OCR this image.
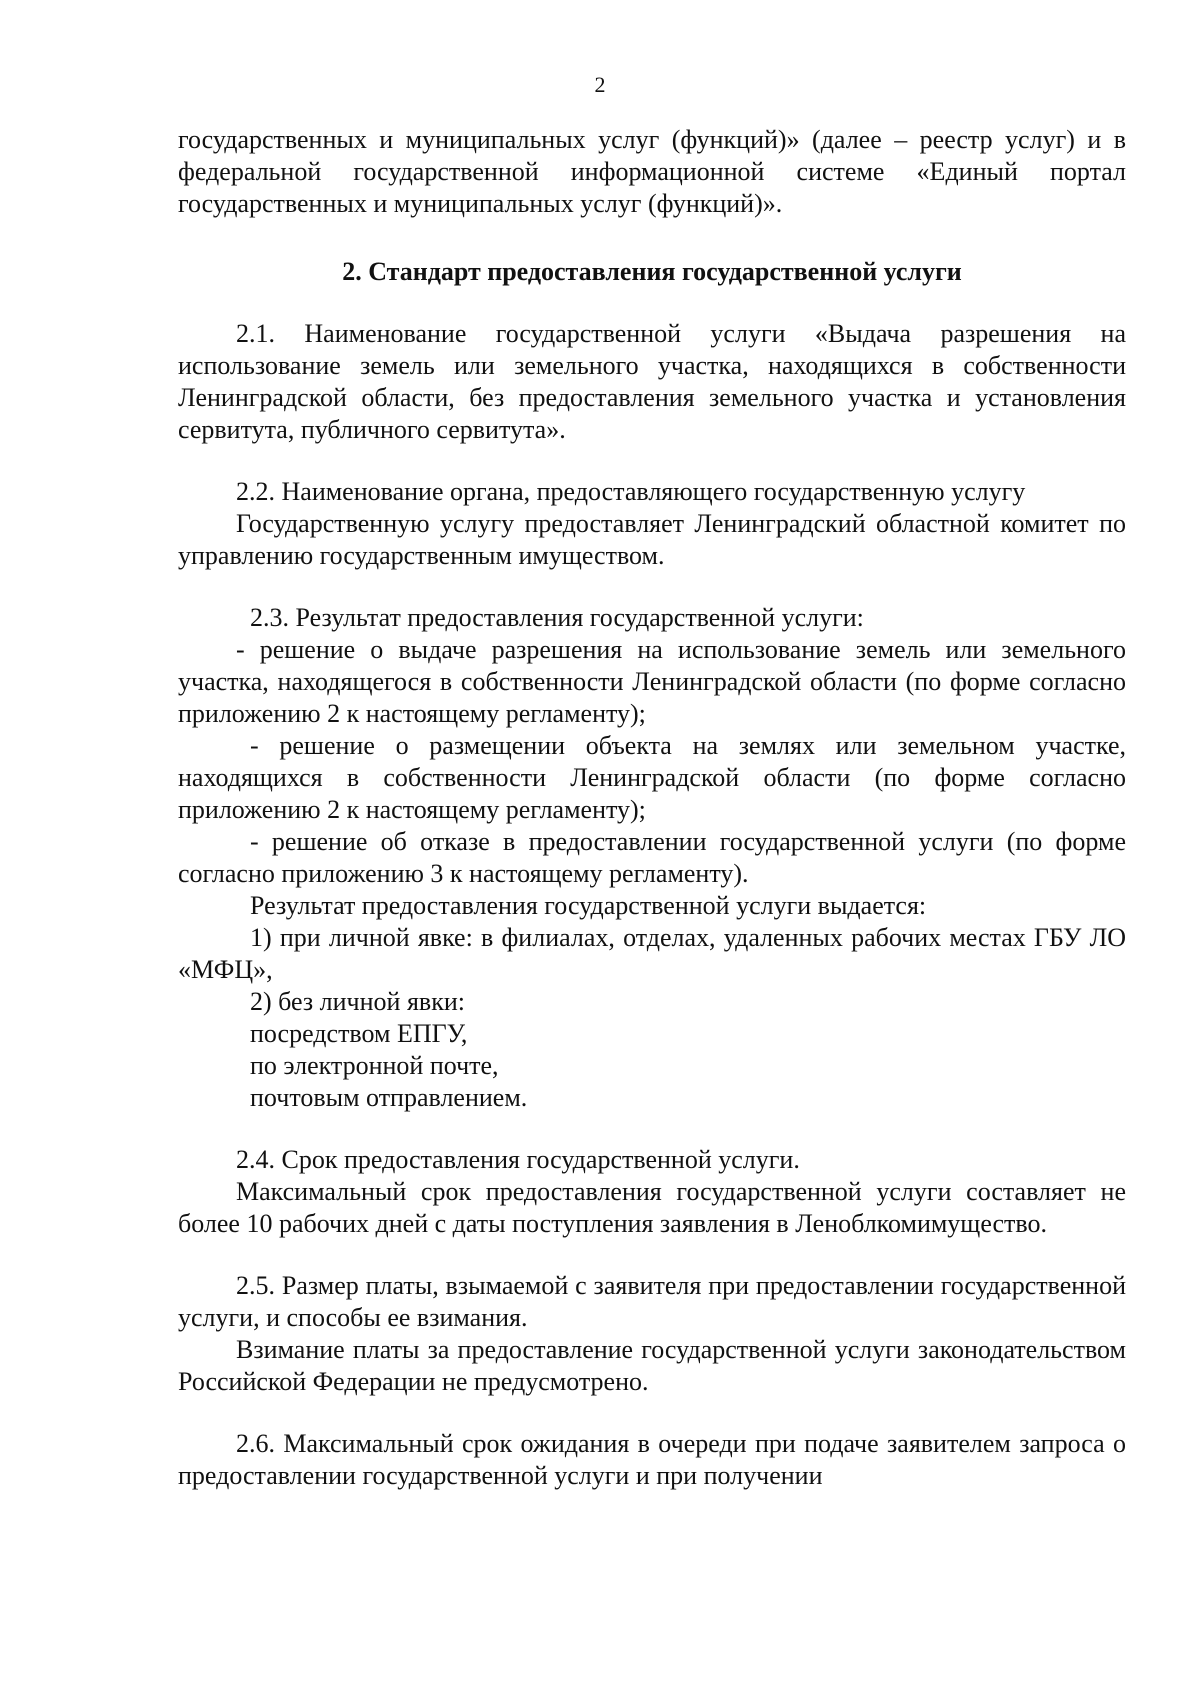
2

государственных и муниципальных услуг (функций)» (далее – реестр услуг) и в федеральной государственной информационной системе «Единый портал государственных и муниципальных услуг (функций)».

2. Стандарт предоставления государственной услуги

2.1. Наименование государственной услуги «Выдача разрешения на использование земель или земельного участка, находящихся в собственности Ленинградской области, без предоставления земельного участка и установления сервитута, публичного сервитута».

2.2. Наименование органа, предоставляющего государственную услугу

Государственную услугу предоставляет Ленинградский областной комитет по управлению государственным имуществом.

2.3. Результат предоставления государственной услуги:

- решение о выдаче разрешения на использование земель или земельного участка, находящегося в собственности Ленинградской области (по форме согласно приложению 2 к настоящему регламенту);

- решение о размещении объекта на землях или земельном участке, находящихся в собственности Ленинградской области (по форме согласно приложению 2 к настоящему регламенту);

- решение об отказе в предоставлении государственной услуги (по форме согласно приложению 3 к настоящему регламенту).

Результат предоставления государственной услуги выдается:

1) при личной явке: в филиалах, отделах, удаленных рабочих местах ГБУ ЛО «МФЦ»,

2) без личной явки:

посредством ЕПГУ,

по электронной почте,

почтовым отправлением.

2.4. Срок предоставления государственной услуги.

Максимальный срок предоставления государственной услуги составляет не более 10 рабочих дней с даты поступления заявления в Леноблкомимущество.

2.5. Размер платы, взымаемой с заявителя при предоставлении государственной услуги, и способы ее взимания.

Взимание платы за предоставление государственной услуги законодательством Российской Федерации не предусмотрено.

2.6. Максимальный срок ожидания в очереди при подаче заявителем запроса о предоставлении государственной услуги и при получении
